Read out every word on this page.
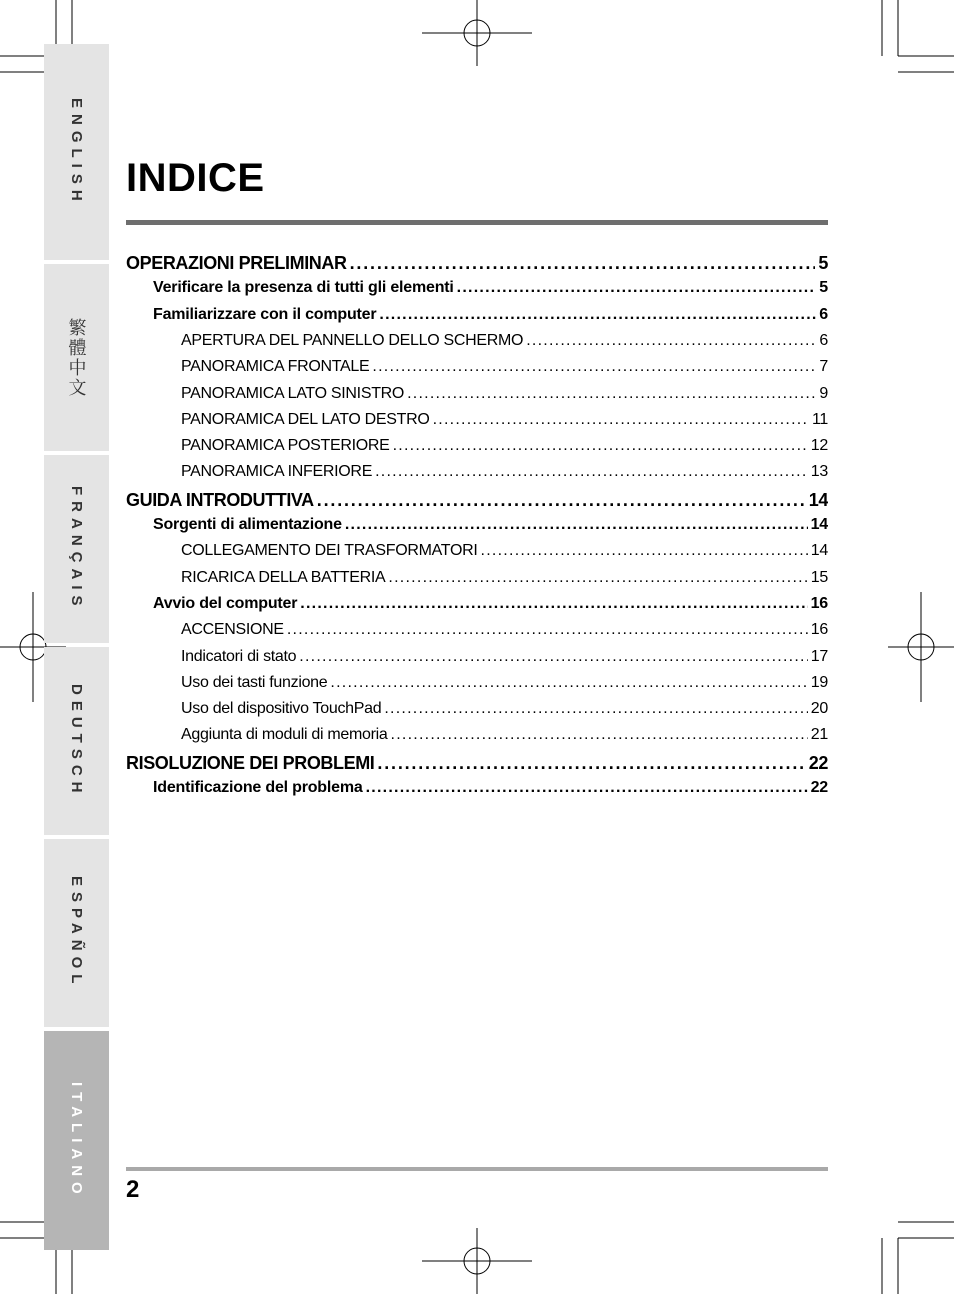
ENGLISH
繁體中文
FRANÇAIS
DEUTSCH
ESPAÑOL
ITALIANO
INDICE
OPERAZIONI PRELIMINAR . . .	5
Verificare la presenza di tutti gli elementi . . .	5
Familiarizzare con il computer . . .	6
APERTURA DEL PANNELLO DELLO SCHERMO . . .	6
PANORAMICA FRONTALE . . .	7
PANORAMICA LATO SINISTRO . . .	9
PANORAMICA DEL LATO DESTRO . . .	11
PANORAMICA POSTERIORE . . .	12
PANORAMICA INFERIORE . . .	13
GUIDA INTRODUTTIVA . . .	14
Sorgenti di alimentazione . . .	14
COLLEGAMENTO DEI TRASFORMATORI . . .	14
RICARICA DELLA BATTERIA . . .	15
Avvio del computer . . .	16
ACCENSIONE . . .	16
Indicatori di stato . . .	17
Uso dei tasti funzione . . .	19
Uso del dispositivo TouchPad . . .	20
Aggiunta di moduli di memoria . . .	21
RISOLUZIONE DEI PROBLEMI . . .	22
Identificazione del problema . . .	22
2
